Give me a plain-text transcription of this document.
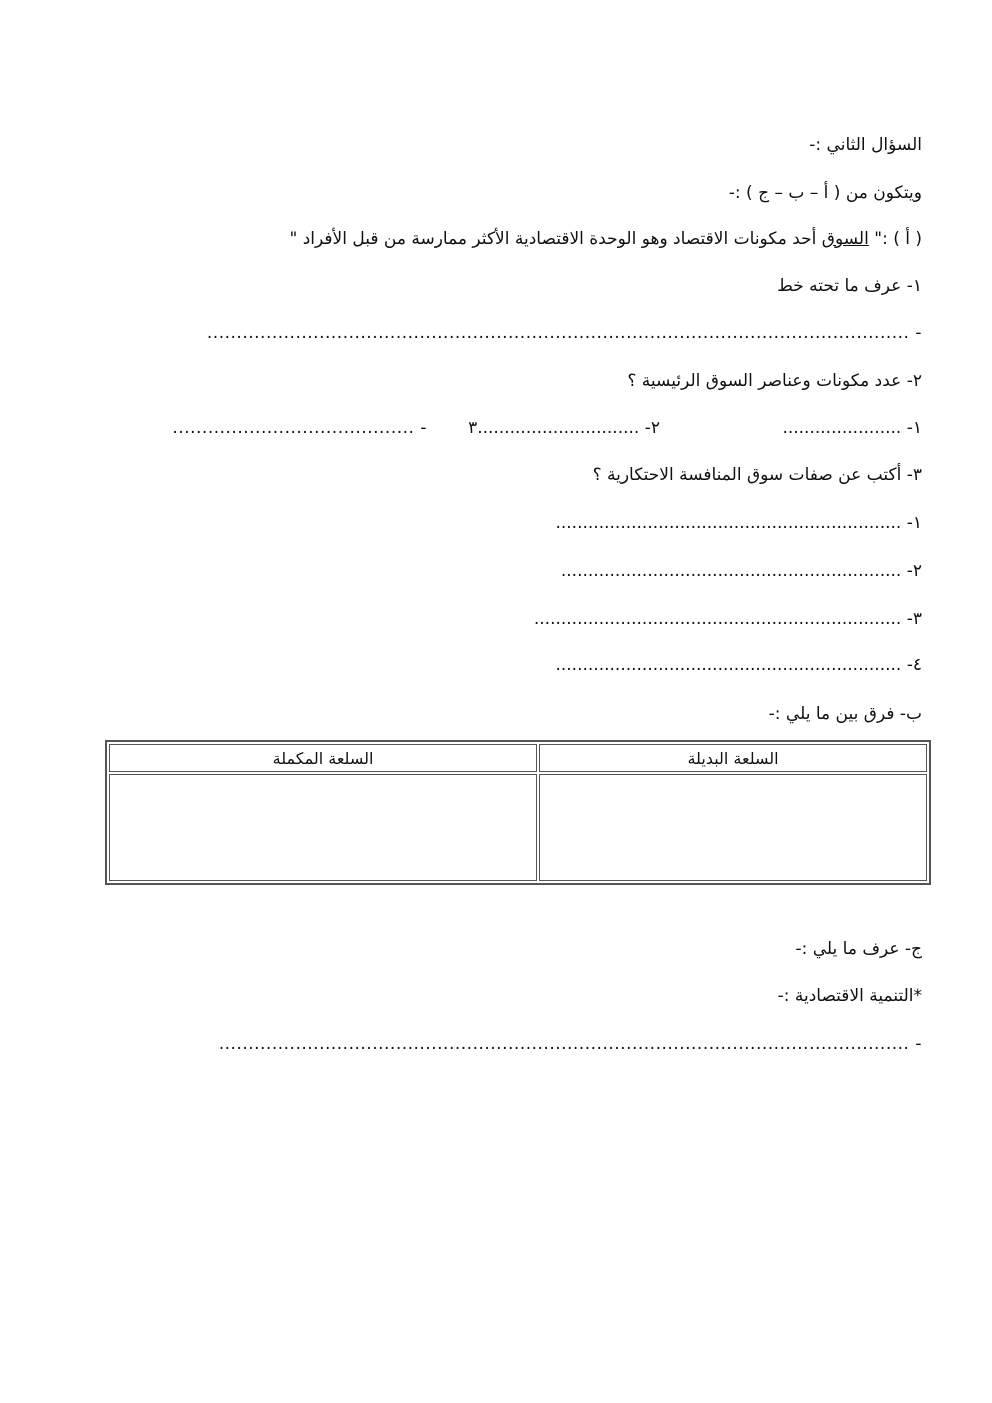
السؤال الثاني :-
ويتكون من ( أ – ب – ج ) :-
( أ ) :" السوق أحد مكونات الاقتصاد وهو الوحدة الاقتصادية الأكثر ممارسة من قبل الأفراد "
١- عرف ما تحته خط
- .......................................................................................................................
٢- عدد مكونات وعناصر السوق الرئيسية ؟
١- ......................
٢- ..............................٣
- .........................................
٣- أكتب عن صفات سوق المنافسة الاحتكارية ؟
١- ................................................................
٢- ...............................................................
٣- ....................................................................
٤- ................................................................
ب- فرق بين ما يلي :-
السلعة البديلة	السلعة المكملة

ج- عرف ما يلي :-
*التنمية الاقتصادية :-
- .....................................................................................................................
